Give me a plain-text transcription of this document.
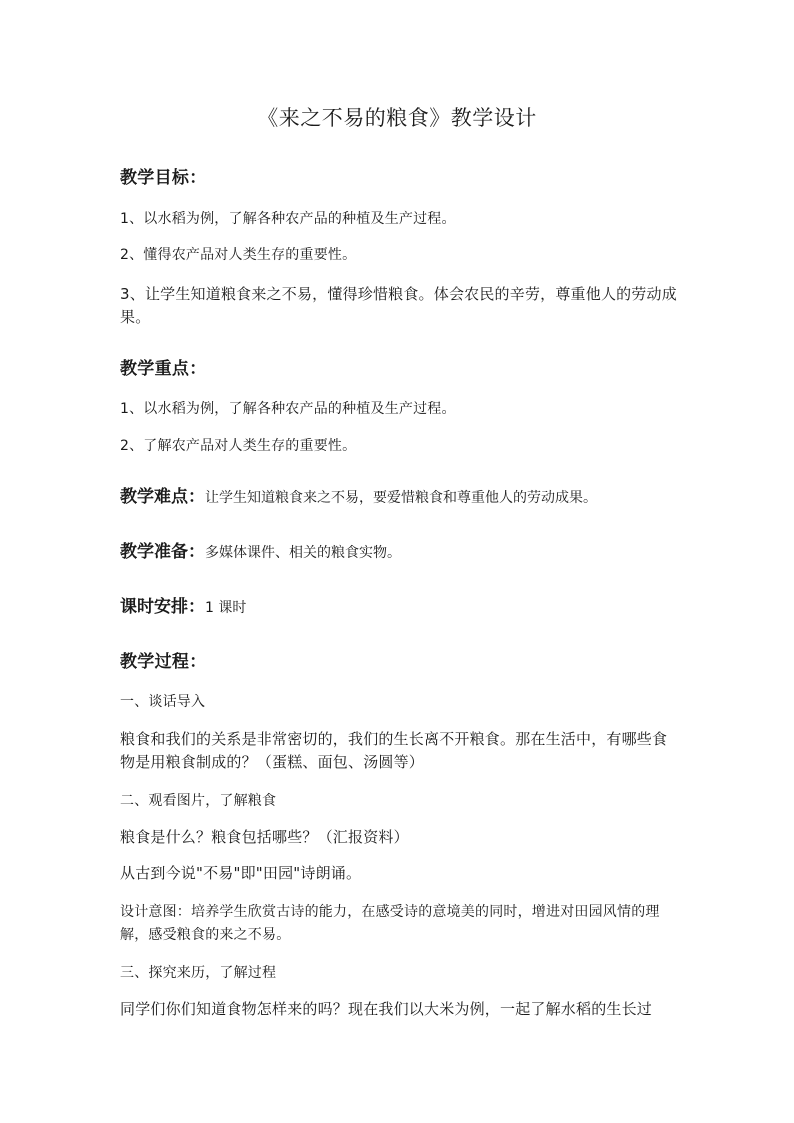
《来之不易的粮食》教学设计
教学目标：
1、以水稻为例，了解各种农产品的种植及生产过程。
2、懂得农产品对人类生存的重要性。
3、让学生知道粮食来之不易，懂得珍惜粮食。体会农民的辛劳，尊重他人的劳动成果。
教学重点：
1、以水稻为例，了解各种农产品的种植及生产过程。
2、了解农产品对人类生存的重要性。
教学难点：让学生知道粮食来之不易，要爱惜粮食和尊重他人的劳动成果。
教学准备：多媒体课件、相关的粮食实物。
课时安排：1 课时
教学过程：
一、谈话导入
粮食和我们的关系是非常密切的，我们的生长离不开粮食。那在生活中，有哪些食物是用粮食制成的？（蛋糕、面包、汤圆等）
二、观看图片，了解粮食
粮食是什么？粮食包括哪些？（汇报资料）
从古到今说"不易"即"田园"诗朗诵。
设计意图：培养学生欣赏古诗的能力，在感受诗的意境美的同时，增进对田园风情的理解，感受粮食的来之不易。
三、探究来历，了解过程
同学们你们知道食物怎样来的吗？现在我们以大米为例，一起了解水稻的生长过
